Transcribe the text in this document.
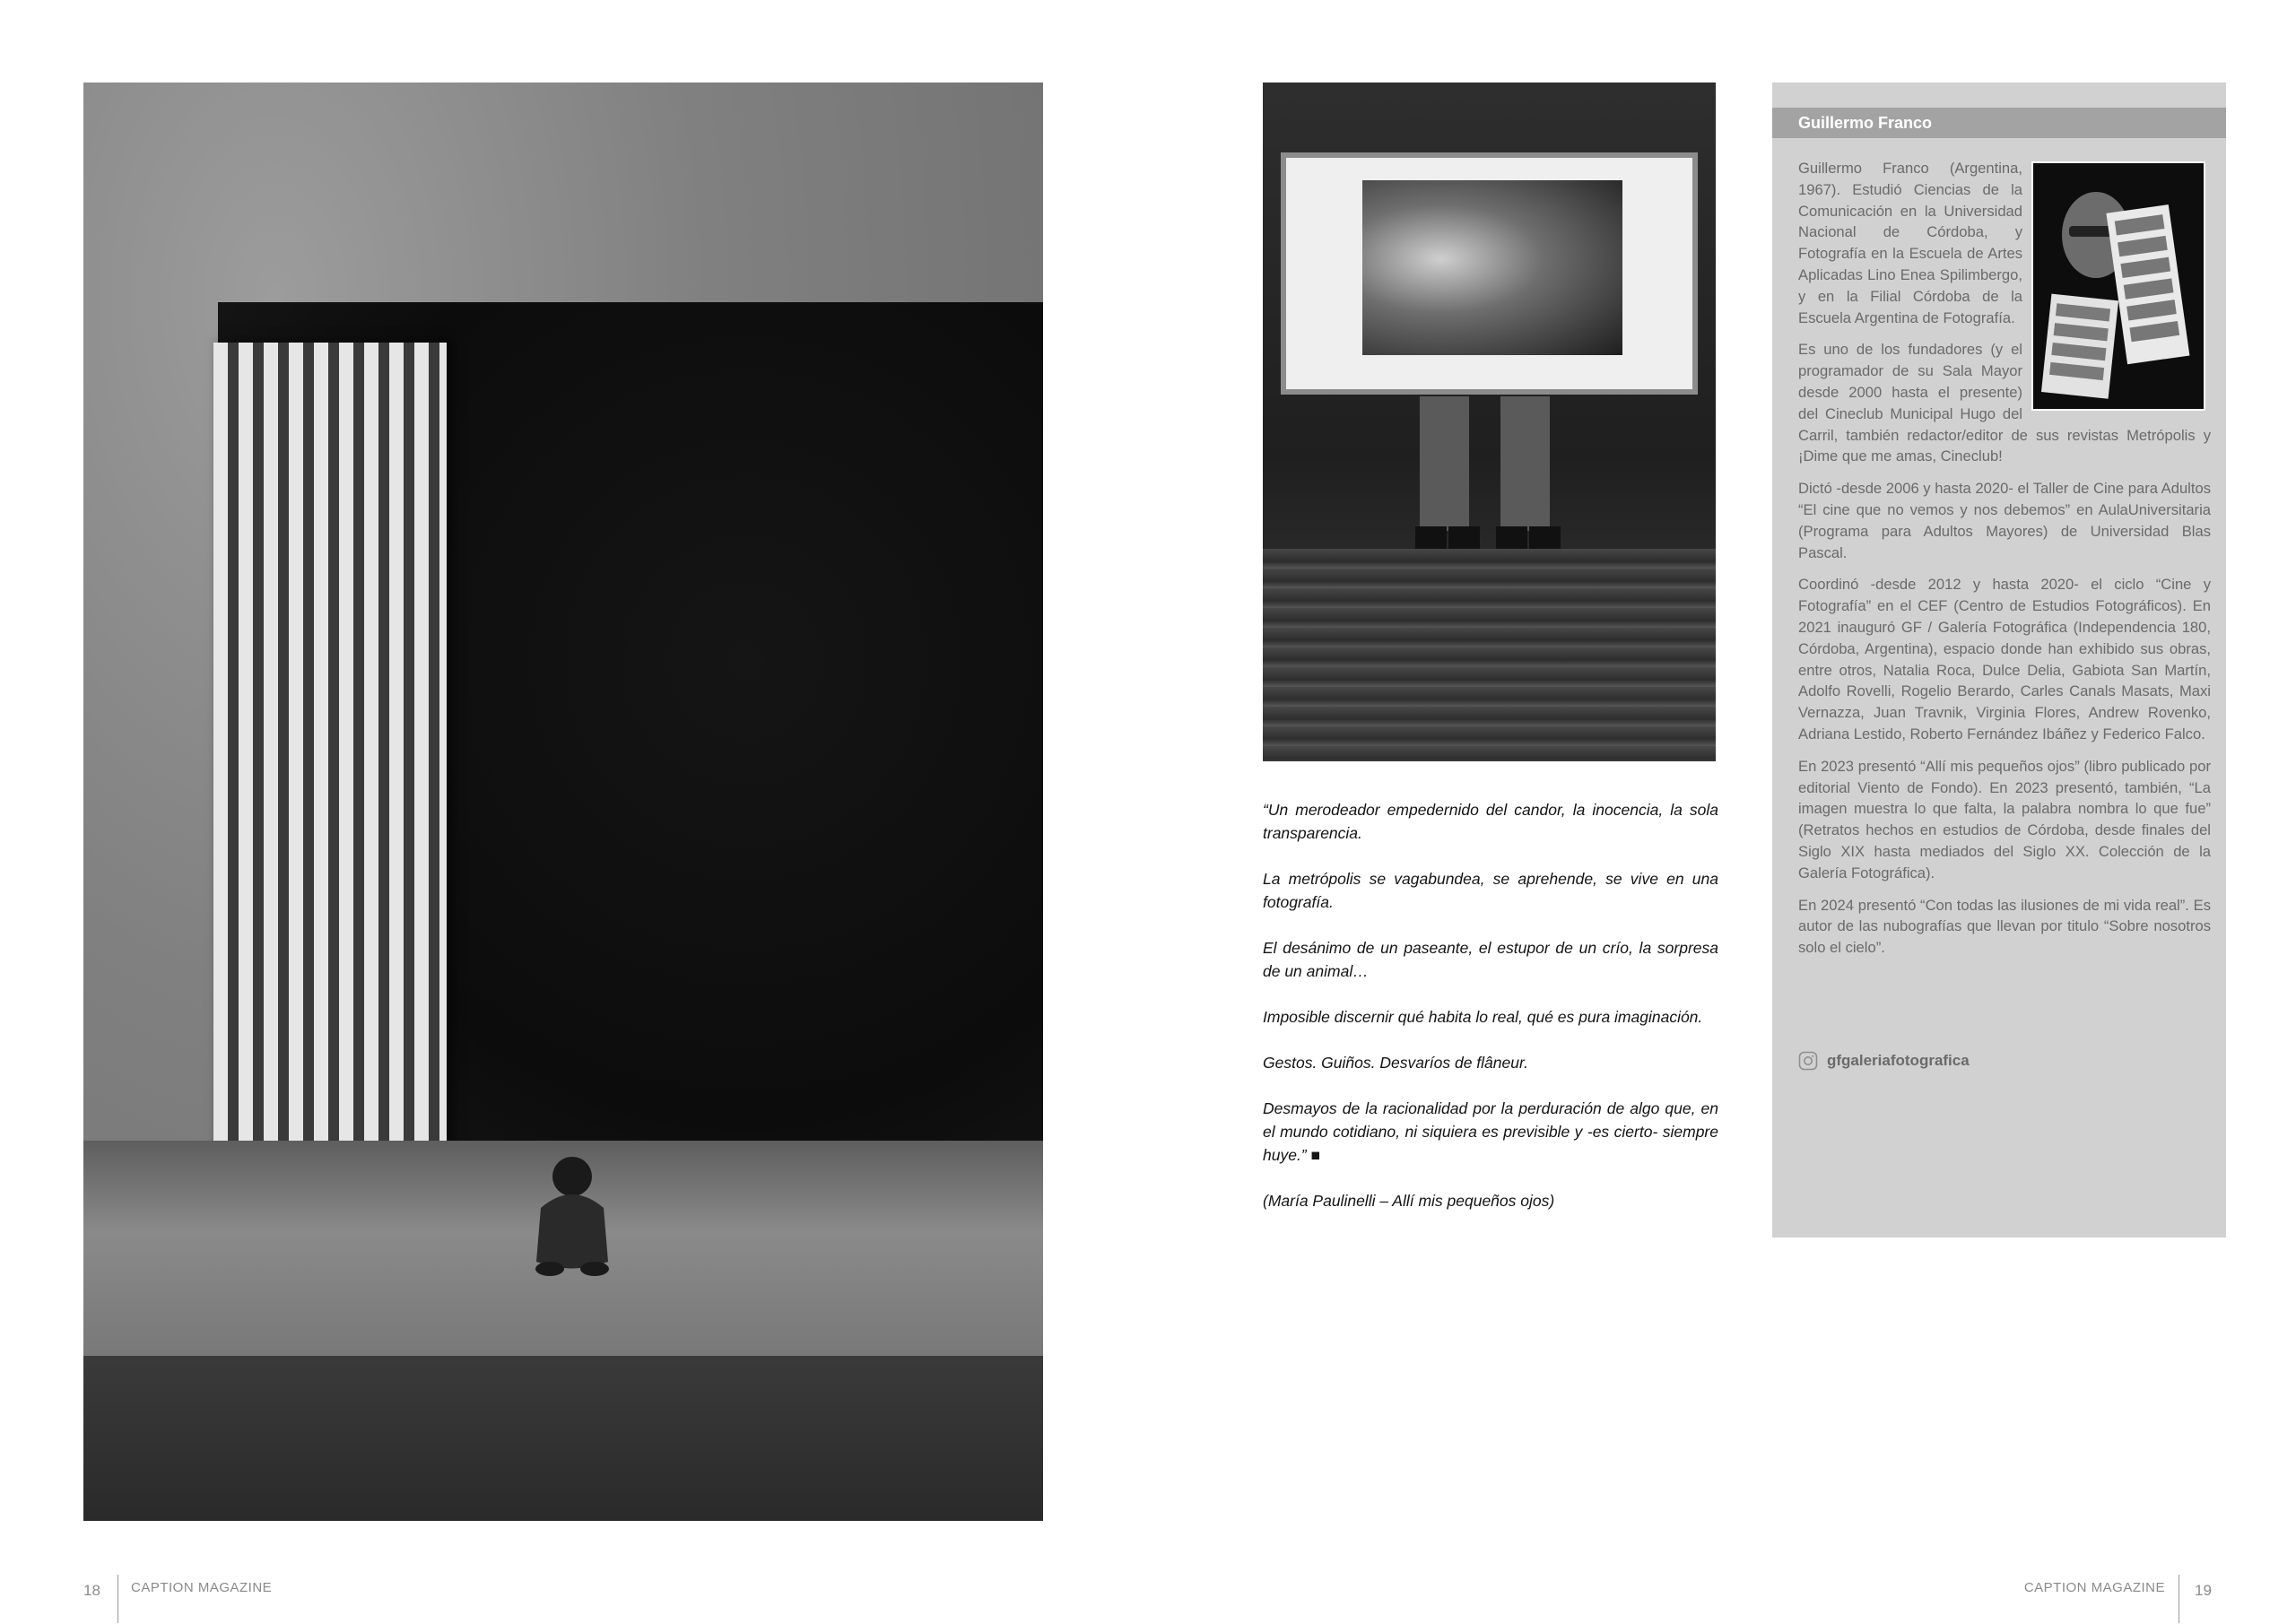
“Un merodeador empedernido del candor, la inocencia, la sola transparencia.

La metrópolis se vagabundea, se aprehende, se vive en una fotografía.

El desánimo de un paseante, el estupor de un crío, la sorpresa de un animal…

Imposible discernir qué habita lo real, qué es pura imaginación.

Gestos. Guiños. Desvaríos de flâneur.

Desmayos de la racionalidad por la perduración de algo que, en el mundo cotidiano, ni siquiera es previsible y -es cierto- siempre huye.” ■

(María Paulinelli – Allí mis pequeños ojos)

Guillermo Franco

Guillermo Franco (Argentina, 1967). Estudió Ciencias de la Comunicación en la Universidad Nacional de Córdoba, y Fotografía en la Escuela de Artes Aplicadas Lino Enea Spilimbergo, y en la Filial Córdoba de la Escuela Argentina de Fotografía.

Es uno de los fundadores (y el programador de su Sala Mayor desde 2000 hasta el presente) del Cineclub Municipal Hugo del Carril, también redactor/editor de sus revistas Metrópolis y ¡Dime que me amas, Cineclub!

Dictó -desde 2006 y hasta 2020- el Taller de Cine para Adultos “El cine que no vemos y nos debemos” en AulaUniversitaria (Programa para Adultos Mayores) de Universidad Blas Pascal.

Coordinó -desde 2012 y hasta 2020- el ciclo “Cine y Fotografía” en el CEF (Centro de Estudios Fotográficos). En 2021 inauguró GF / Galería Fotográfica (Independencia 180, Córdoba, Argentina), espacio donde han exhibido sus obras, entre otros, Natalia Roca, Dulce Delia, Gabiota San Martín, Adolfo Rovelli, Rogelio Berardo, Carles Canals Masats, Maxi Vernazza, Juan Travnik, Virginia Flores, Andrew Rovenko, Adriana Lestido, Roberto Fernández Ibáñez y Federico Falco.

En 2023 presentó “Allí mis pequeños ojos” (libro publicado por editorial Viento de Fondo). En 2023 presentó, también, “La imagen muestra lo que falta, la palabra nombra lo que fue” (Retratos hechos en estudios de Córdoba, desde finales del Siglo XIX hasta mediados del Siglo XX. Colección de la Galería Fotográfica).

En 2024 presentó “Con todas las ilusiones de mi vida real”. Es autor de las nubografías que llevan por titulo “Sobre nosotros solo el cielo”.

gfgaleriafotografica
18 CAPTION MAGAZINE	CAPTION MAGAZINE 19
